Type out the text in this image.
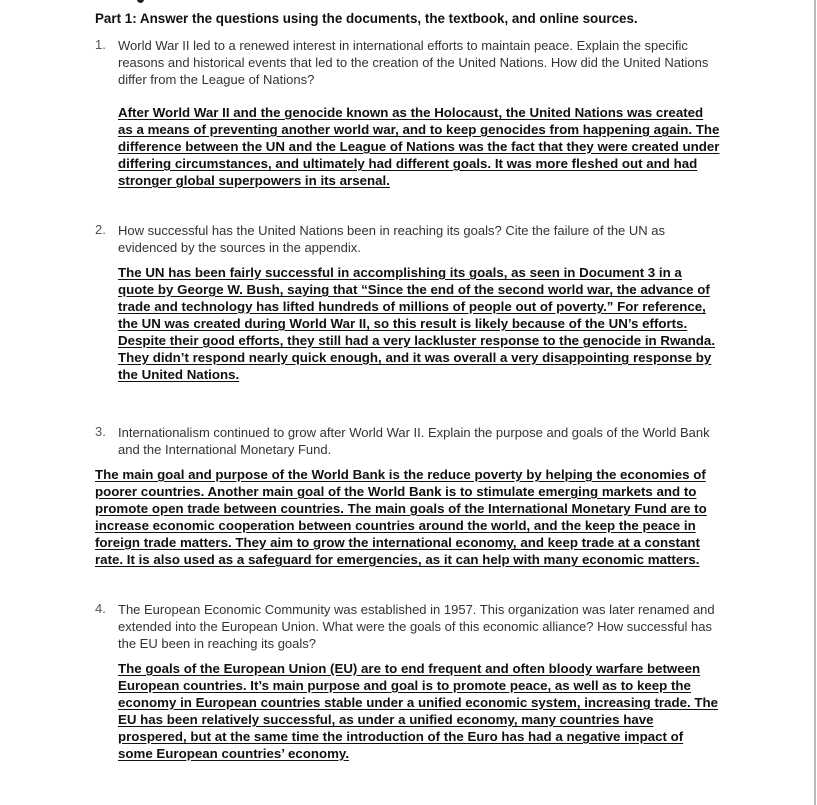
Part 1: Answer the questions using the documents, the textbook, and online sources.
1. World War II led to a renewed interest in international efforts to maintain peace. Explain the specific reasons and historical events that led to the creation of the United Nations. How did the United Nations differ from the League of Nations?
After World War II and the genocide known as the Holocaust, the United Nations was created as a means of preventing another world war, and to keep genocides from happening again. The difference between the UN and the League of Nations was the fact that they were created under differing circumstances, and ultimately had different goals. It was more fleshed out and had stronger global superpowers in its arsenal.
2. How successful has the United Nations been in reaching its goals? Cite the failure of the UN as evidenced by the sources in the appendix.
The UN has been fairly successful in accomplishing its goals, as seen in Document 3 in a quote by George W. Bush, saying that “Since the end of the second world war, the advance of trade and technology has lifted hundreds of millions of people out of poverty.” For reference, the UN was created during World War II, so this result is likely because of the UN’s efforts. Despite their good efforts, they still had a very lackluster response to the genocide in Rwanda. They didn’t respond nearly quick enough, and it was overall a very disappointing response by the United Nations.
3. Internationalism continued to grow after World War II. Explain the purpose and goals of the World Bank and the International Monetary Fund.
The main goal and purpose of the World Bank is the reduce poverty by helping the economies of poorer countries. Another main goal of the World Bank is to stimulate emerging markets and to promote open trade between countries. The main goals of the International Monetary Fund are to increase economic cooperation between countries around the world, and the keep the peace in foreign trade matters. They aim to grow the international economy, and keep trade at a constant rate. It is also used as a safeguard for emergencies, as it can help with many economic matters.
4. The European Economic Community was established in 1957. This organization was later renamed and extended into the European Union. What were the goals of this economic alliance? How successful has the EU been in reaching its goals?
The goals of the European Union (EU) are to end frequent and often bloody warfare between European countries. It’s main purpose and goal is to promote peace, as well as to keep the economy in European countries stable under a unified economic system, increasing trade. The EU has been relatively successful, as under a unified economy, many countries have prospered, but at the same time the introduction of the Euro has had a negative impact of some European countries’ economy.
